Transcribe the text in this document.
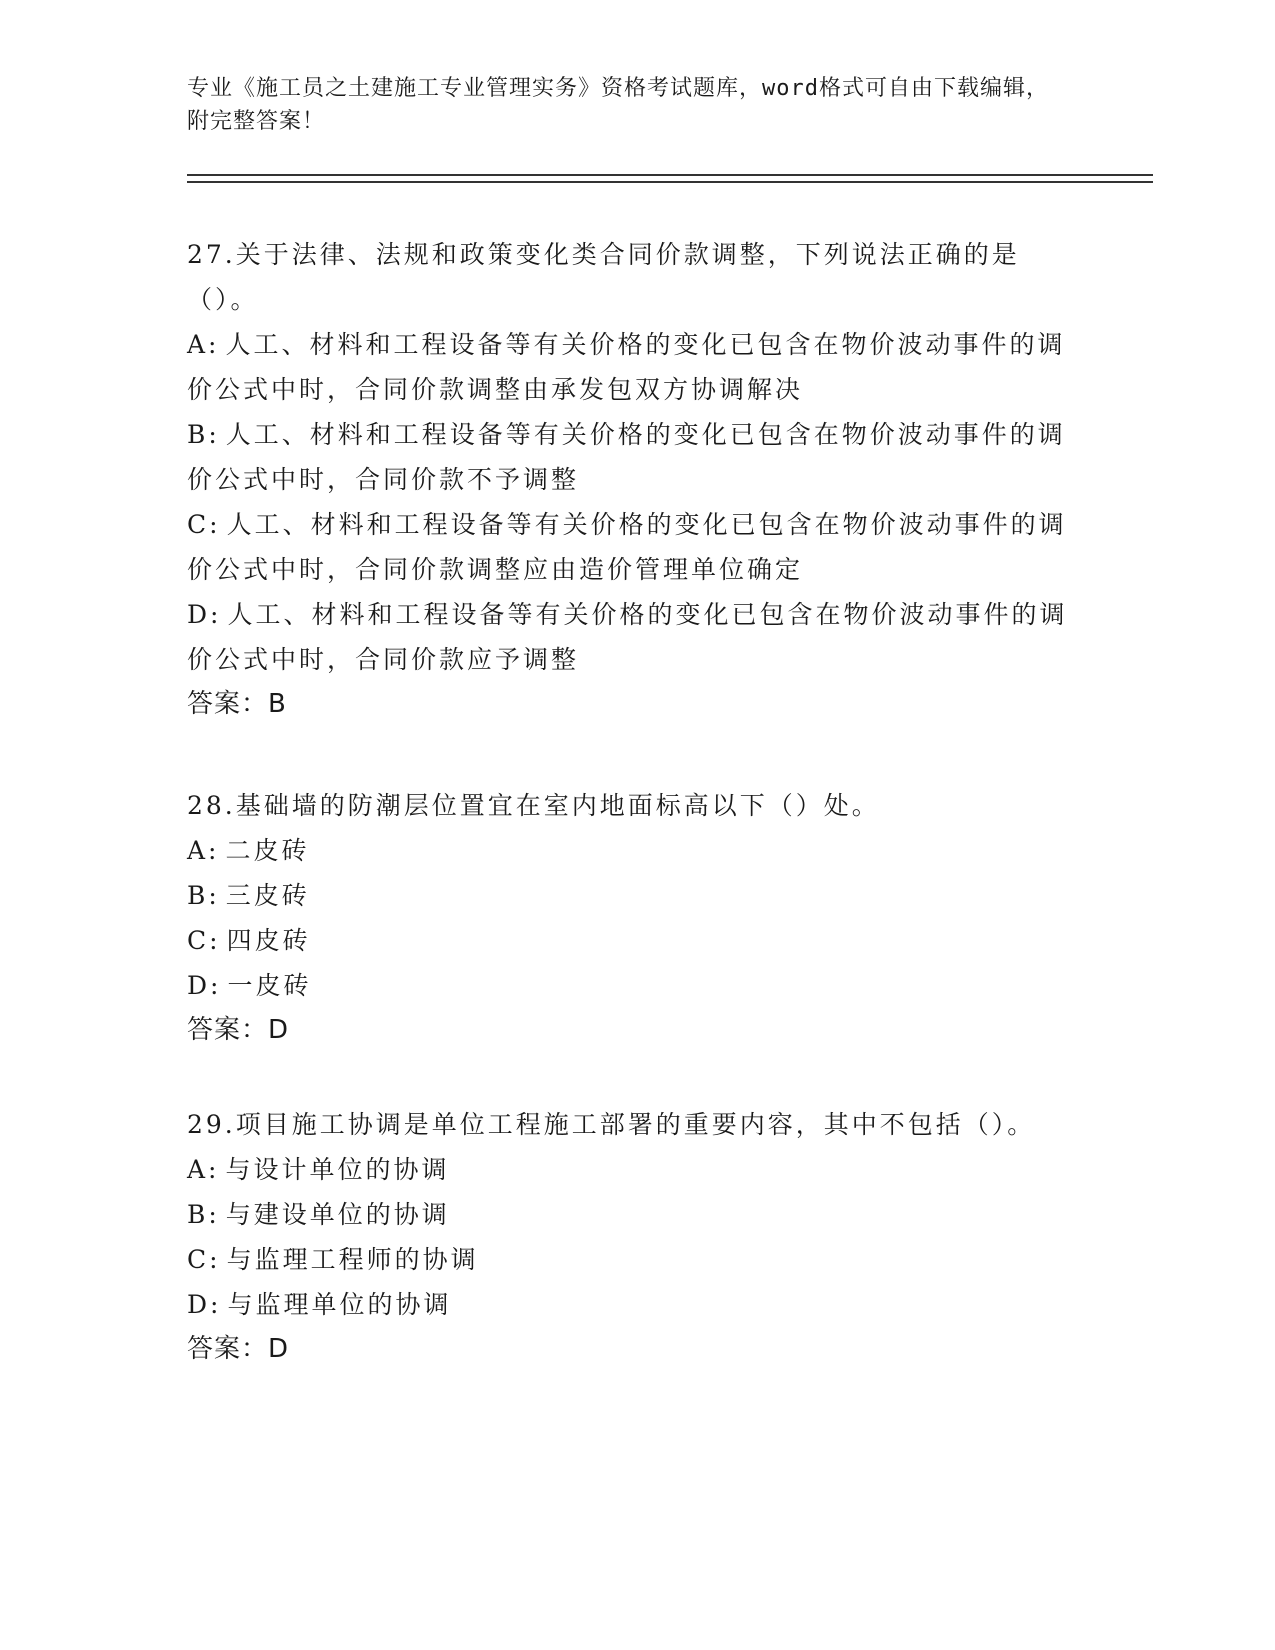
专业《施工员之土建施工专业管理实务》资格考试题库，word格式可自由下载编辑，附完整答案！

27.关于法律、法规和政策变化类合同价款调整，下列说法正确的是（）。

A: 人工、材料和工程设备等有关价格的变化已包含在物价波动事件的调价公式中时，合同价款调整由承发包双方协调解决

B: 人工、材料和工程设备等有关价格的变化已包含在物价波动事件的调价公式中时，合同价款不予调整

C: 人工、材料和工程设备等有关价格的变化已包含在物价波动事件的调价公式中时，合同价款调整应由造价管理单位确定

D: 人工、材料和工程设备等有关价格的变化已包含在物价波动事件的调价公式中时，合同价款应予调整

答案：B

28.基础墙的防潮层位置宜在室内地面标高以下（）处。

A: 二皮砖

B: 三皮砖

C: 四皮砖

D: 一皮砖

答案：D

29.项目施工协调是单位工程施工部署的重要内容，其中不包括（）。

A: 与设计单位的协调

B: 与建设单位的协调

C: 与监理工程师的协调

D: 与监理单位的协调

答案：D
